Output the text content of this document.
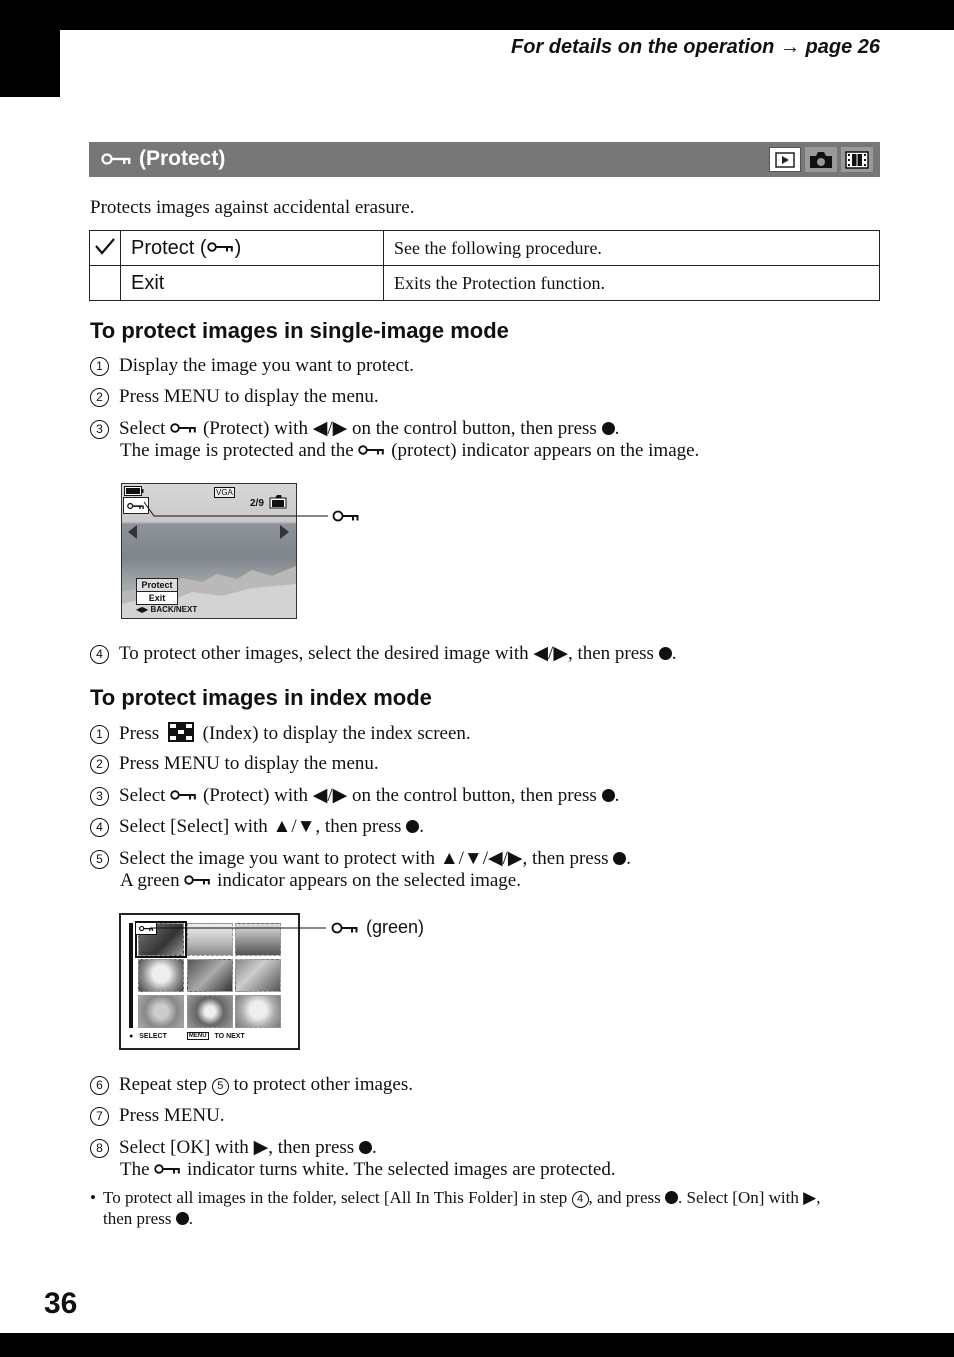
For details on the operation → page 26
(Protect)
Protects images against accidental erasure.
	Protect ( )	See the following procedure.
	Exit	Exits the Protection function.
To protect images in single-image mode
1 Display the image you want to protect.
2 Press MENU to display the menu.
3 Select (Protect) with ◀/▶ on the control button, then press .
The image is protected and the (protect) indicator appears on the image.
VGA
2/9
Protect
Exit
◀▶ BACK/NEXT
4 To protect other images, select the desired image with ◀/▶, then press .
To protect images in index mode
1 Press (Index) to display the index screen.
2 Press MENU to display the menu.
3 Select (Protect) with ◀/▶ on the control button, then press .
4 Select [Select] with ▲/▼, then press .
5 Select the image you want to protect with ▲/▼/◀/▶, then press .
A green indicator appears on the selected image.
● SELECT	MENU TO NEXT
(green)
6 Repeat step 5 to protect other images.
7 Press MENU.
8 Select [OK] with ▶, then press .
The indicator turns white. The selected images are protected.
• To protect all images in the folder, select [All In This Folder] in step 4 , and press . Select [On] with ▶,
then press .
36
